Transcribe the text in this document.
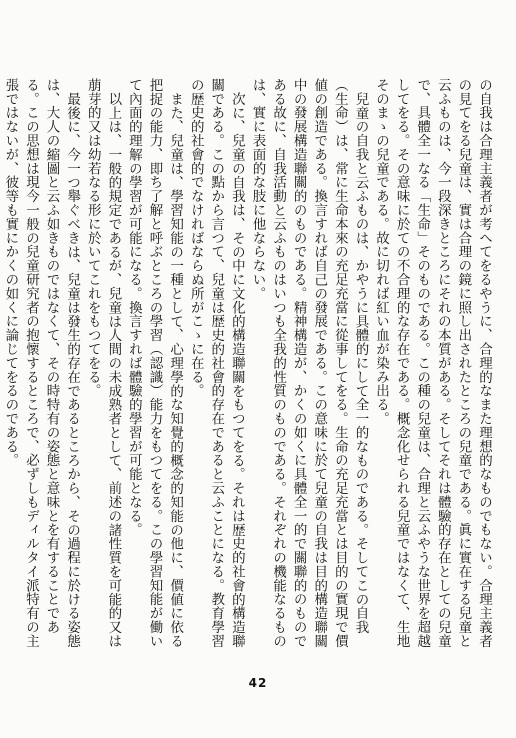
の自我は合理主義者が考へてをるやうに、合理的なまた理想的なものでもない。合理主義者の見てをる兒童は、實は合理の鏡に照し出されたところの兒童である。眞に實在する兒童と云ふものは、今一段深きところにそれの本質がある。そしてそれは體驗的存在としての兒童で、具體全一なる「生命」そのものである。この種の兒童は、合理と云ふやうな世界を超越してをる。その意味に於ての不合理的な存在である。概念化せられる兒童ではなくて、生地そのまゝの兒童である。故に切れば紅い血が染み出る。

兒童の自我と云ふものは、かやうに具體的にして全一的なものである。そしてこの自我（生命）は、常に生命本來の充足充當に從事してをる。生命の充足充當とは目的の實現で價値の創造である。換言すれば自己の發展である。この意味に於て兒童の自我は目的構造聯關中の發展構造聯關的のものである。精神構造が、かくの如くに具體全一的で關聯的のものである故に、自我活動と云ふものはいつも全我的性質のものである。それぞれの機能なるものは、實に表面的な肢に他ならない。

次に、兒童の自我は、その中に文化的構造聯關をもつてをる。それは歴史的社會的構造聯關である。この點から言つて、兒童は歴史的社會的存在であると云ふことになる。教育學習の歴史的社會的でなければならぬ所がこゝに在る。

また、兒童は、學習知能の一種として、心理學的な知覺的概念的知能の他に、價値に依る把捉の能力、即ち了解と呼ぶところの學習（認識）能力をもつてをる。この學習知能が働いて內面的理解の學習が可能になる。換言すれば體驗的學習が可能となる。

以上は、一般的規定であるが、兒童は人間の未成熟者として、前述の諸性質を可能的又は萠芽的又は幼若なる形に於いてこれをもつてをる。

最後に、今一つ舉ぐべきは、兒童は發生的存在であるところから、その過程に於ける姿態は、大人の縮圖と云ふ如きものではなくて、その時特有の姿態と意味とを有することである。この思想は現今一般の兒童研究者の抱懷するところで、必ずしもディルタイ派特有の主張ではないが、彼等も實にかくの如くに論じてをるのである。

42
